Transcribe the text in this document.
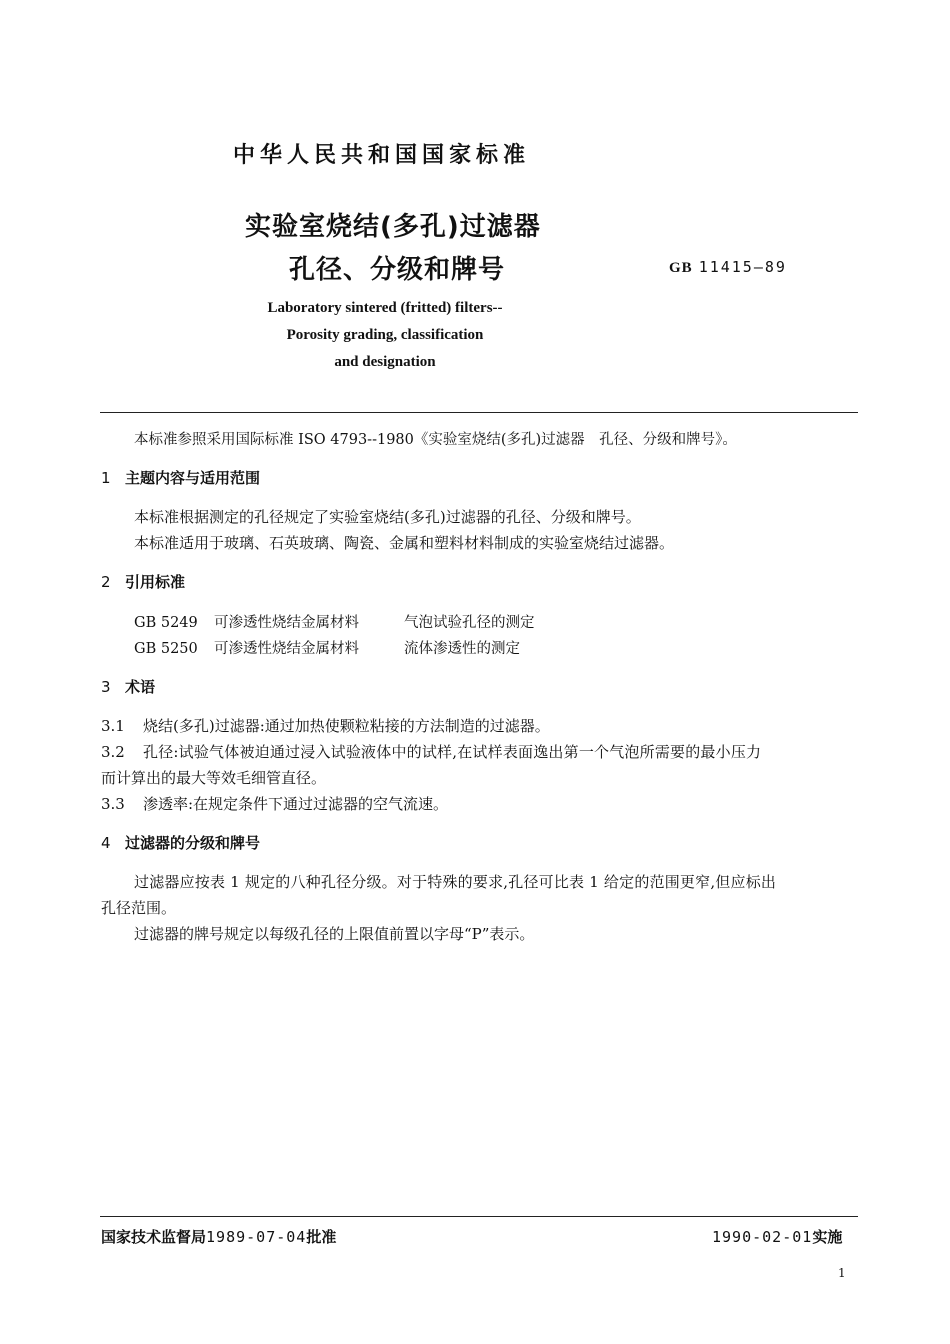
中华人民共和国国家标准
实验室烧结(多孔)过滤器
孔径、分级和牌号	GB 11415—89
Laboratory sintered (fritted) filters--
Porosity grading, classification
and designation
本标准参照采用国际标准 ISO 4793--1980《实验室烧结(多孔)过滤器　孔径、分级和牌号》。
1 主题内容与适用范围
本标准根据测定的孔径规定了实验室烧结(多孔)过滤器的孔径、分级和牌号。
本标准适用于玻璃、石英玻璃、陶瓷、金属和塑料材料制成的实验室烧结过滤器。
2 引用标准
GB 5249 可渗透性烧结金属材料	气泡试验孔径的测定
GB 5250 可渗透性烧结金属材料	流体渗透性的测定
3 术语
3.1 烧结(多孔)过滤器:通过加热使颗粒粘接的方法制造的过滤器。
3.2 孔径:试验气体被迫通过浸入试验液体中的试样,在试样表面逸出第一个气泡所需要的最小压力
而计算出的最大等效毛细管直径。
3.3 渗透率:在规定条件下通过过滤器的空气流速。
4 过滤器的分级和牌号
过滤器应按表 1 规定的八种孔径分级。对于特殊的要求,孔径可比表 1 给定的范围更窄,但应标出
孔径范围。
过滤器的牌号规定以每级孔径的上限值前置以字母“P”表示。
国家技术监督局1989-07-04批准	1990-02-01实施
1
